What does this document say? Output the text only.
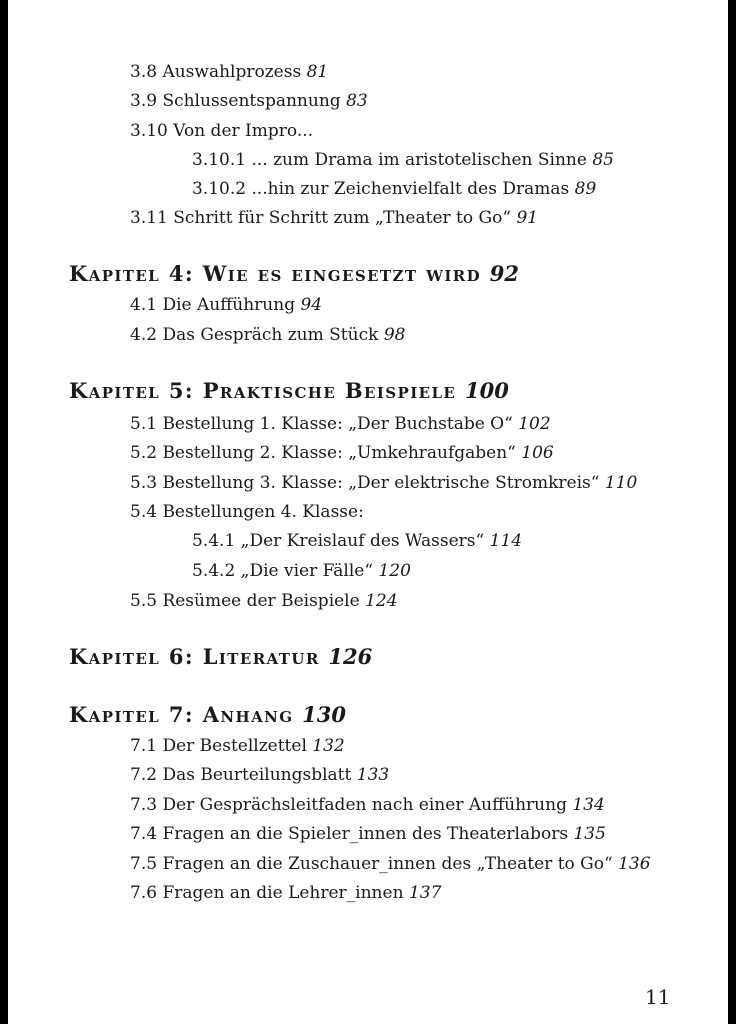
3.8 Auswahlprozess 81
3.9 Schlussentspannung 83
3.10 Von der Impro...
3.10.1 ... zum Drama im aristotelischen Sinne 85
3.10.2 ...hin zur Zeichenvielfalt des Dramas 89
3.11 Schritt für Schritt zum „Theater to Go“ 91
Kapitel 4: Wie es eingesetzt wird 92
4.1 Die Aufführung 94
4.2 Das Gespräch zum Stück 98
Kapitel 5: Praktische Beispiele 100
5.1 Bestellung 1. Klasse: „Der Buchstabe O“ 102
5.2 Bestellung 2. Klasse: „Umkehraufgaben“ 106
5.3 Bestellung 3. Klasse: „Der elektrische Stromkreis“ 110
5.4 Bestellungen 4. Klasse:
5.4.1 „Der Kreislauf des Wassers“ 114
5.4.2 „Die vier Fälle“ 120
5.5 Resümee der Beispiele 124
Kapitel 6: Literatur 126
Kapitel 7: Anhang 130
7.1 Der Bestellzettel 132
7.2 Das Beurteilungsblatt 133
7.3 Der Gesprächsleitfaden nach einer Aufführung 134
7.4 Fragen an die Spieler_innen des Theaterlabors 135
7.5 Fragen an die Zuschauer_innen des „Theater to Go“ 136
7.6 Fragen an die Lehrer_innen 137
11
